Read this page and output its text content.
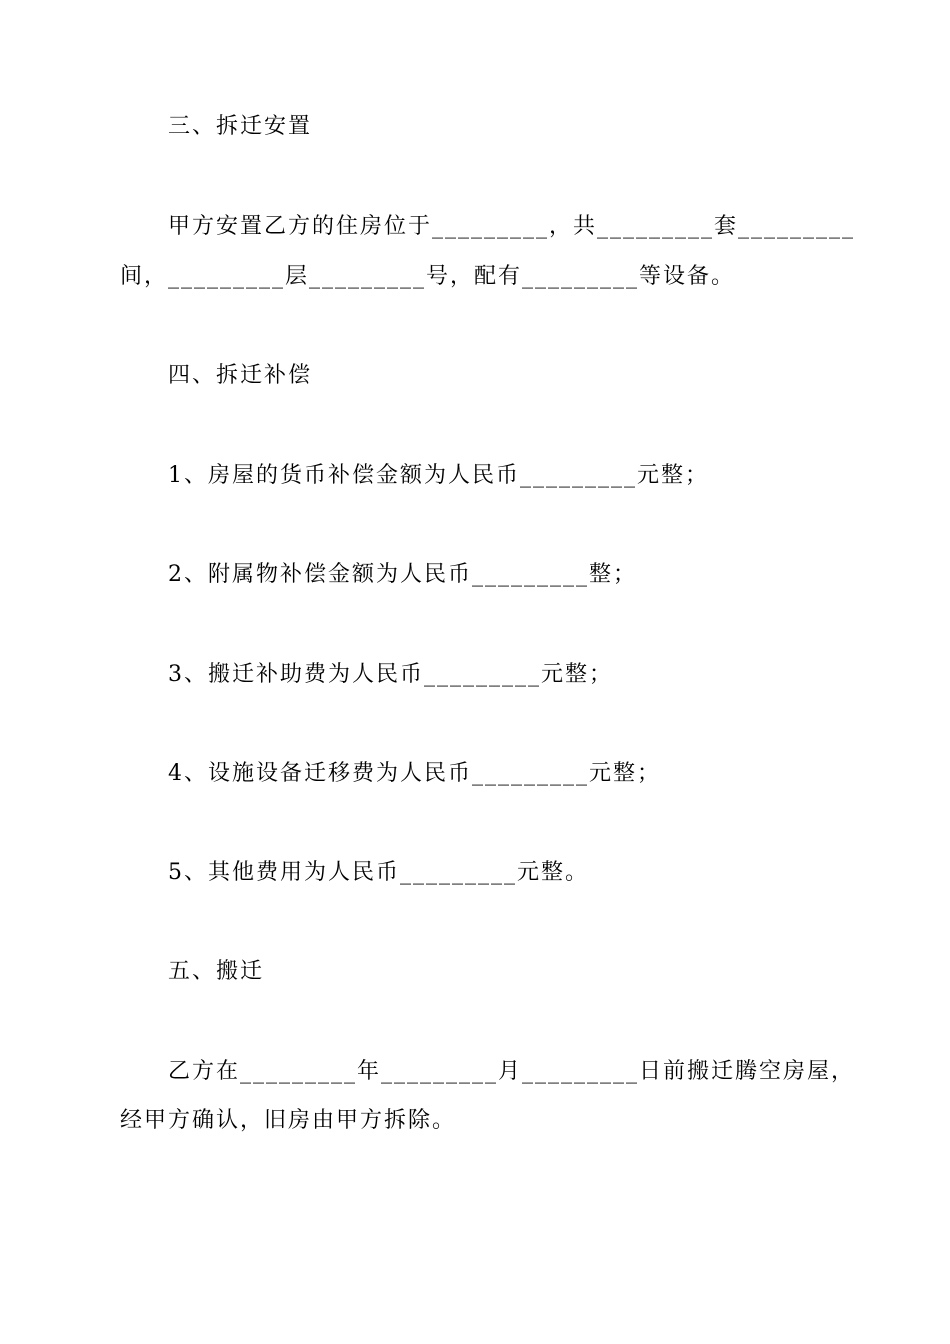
三、拆迁安置
甲方安置乙方的住房位于_________，共_________套_________
间，_________层_________号，配有_________等设备。
四、拆迁补偿
1、房屋的货币补偿金额为人民币_________元整；
2、附属物补偿金额为人民币_________整；
3、搬迁补助费为人民币_________元整；
4、设施设备迁移费为人民币_________元整；
5、其他费用为人民币_________元整。
五、搬迁
乙方在_________年_________月_________日前搬迁腾空房屋，
经甲方确认，旧房由甲方拆除。
